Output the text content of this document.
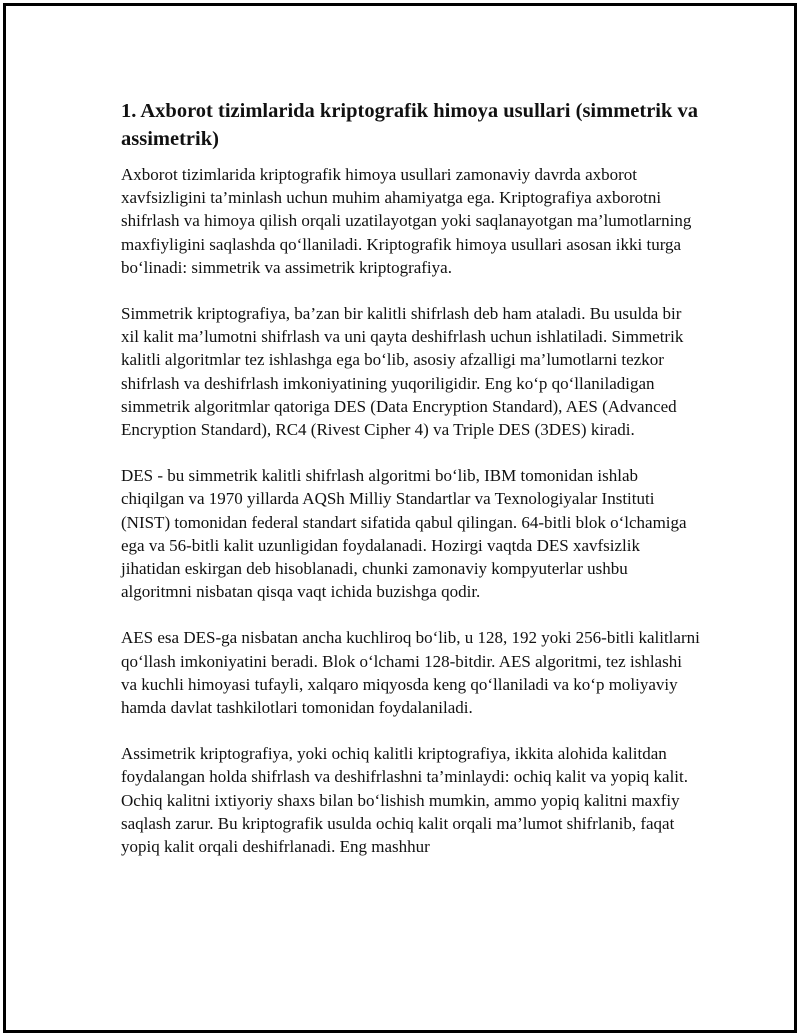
1. Axborot tizimlarida kriptografik himoya usullari (simmetrik va assimetrik)

Axborot tizimlarida kriptografik himoya usullari zamonaviy davrda axborot xavfsizligini ta’minlash uchun muhim ahamiyatga ega. Kriptografiya axborotni shifrlash va himoya qilish orqali uzatilayotgan yoki saqlanayotgan ma’lumotlarning maxfiyligini saqlashda qo‘llaniladi. Kriptografik himoya usullari asosan ikki turga bo‘linadi: simmetrik va assimetrik kriptografiya.

Simmetrik kriptografiya, ba’zan bir kalitli shifrlash deb ham ataladi. Bu usulda bir xil kalit ma’lumotni shifrlash va uni qayta deshifrlash uchun ishlatiladi. Simmetrik kalitli algoritmlar tez ishlashga ega bo‘lib, asosiy afzalligi ma’lumotlarni tezkor shifrlash va deshifrlash imkoniyatining yuqoriligidir. Eng ko‘p qo‘llaniladigan simmetrik algoritmlar qatoriga DES (Data Encryption Standard), AES (Advanced Encryption Standard), RC4 (Rivest Cipher 4) va Triple DES (3DES) kiradi.

DES - bu simmetrik kalitli shifrlash algoritmi bo‘lib, IBM tomonidan ishlab chiqilgan va 1970 yillarda AQSh Milliy Standartlar va Texnologiyalar Instituti (NIST) tomonidan federal standart sifatida qabul qilingan. 64-bitli blok o‘lchamiga ega va 56-bitli kalit uzunligidan foydalanadi. Hozirgi vaqtda DES xavfsizlik jihatidan eskirgan deb hisoblanadi, chunki zamonaviy kompyuterlar ushbu algoritmni nisbatan qisqa vaqt ichida buzishga qodir.

AES esa DES-ga nisbatan ancha kuchliroq bo‘lib, u 128, 192 yoki 256-bitli kalitlarni qo‘llash imkoniyatini beradi. Blok o‘lchami 128-bitdir. AES algoritmi, tez ishlashi va kuchli himoyasi tufayli, xalqaro miqyosda keng qo‘llaniladi va ko‘p moliyaviy hamda davlat tashkilotlari tomonidan foydalaniladi.

Assimetrik kriptografiya, yoki ochiq kalitli kriptografiya, ikkita alohida kalitdan foydalangan holda shifrlash va deshifrlashni ta’minlaydi: ochiq kalit va yopiq kalit. Ochiq kalitni ixtiyoriy shaxs bilan bo‘lishish mumkin, ammo yopiq kalitni maxfiy saqlash zarur. Bu kriptografik usulda ochiq kalit orqali ma’lumot shifrlanib, faqat yopiq kalit orqali deshifrlanadi. Eng mashhur
